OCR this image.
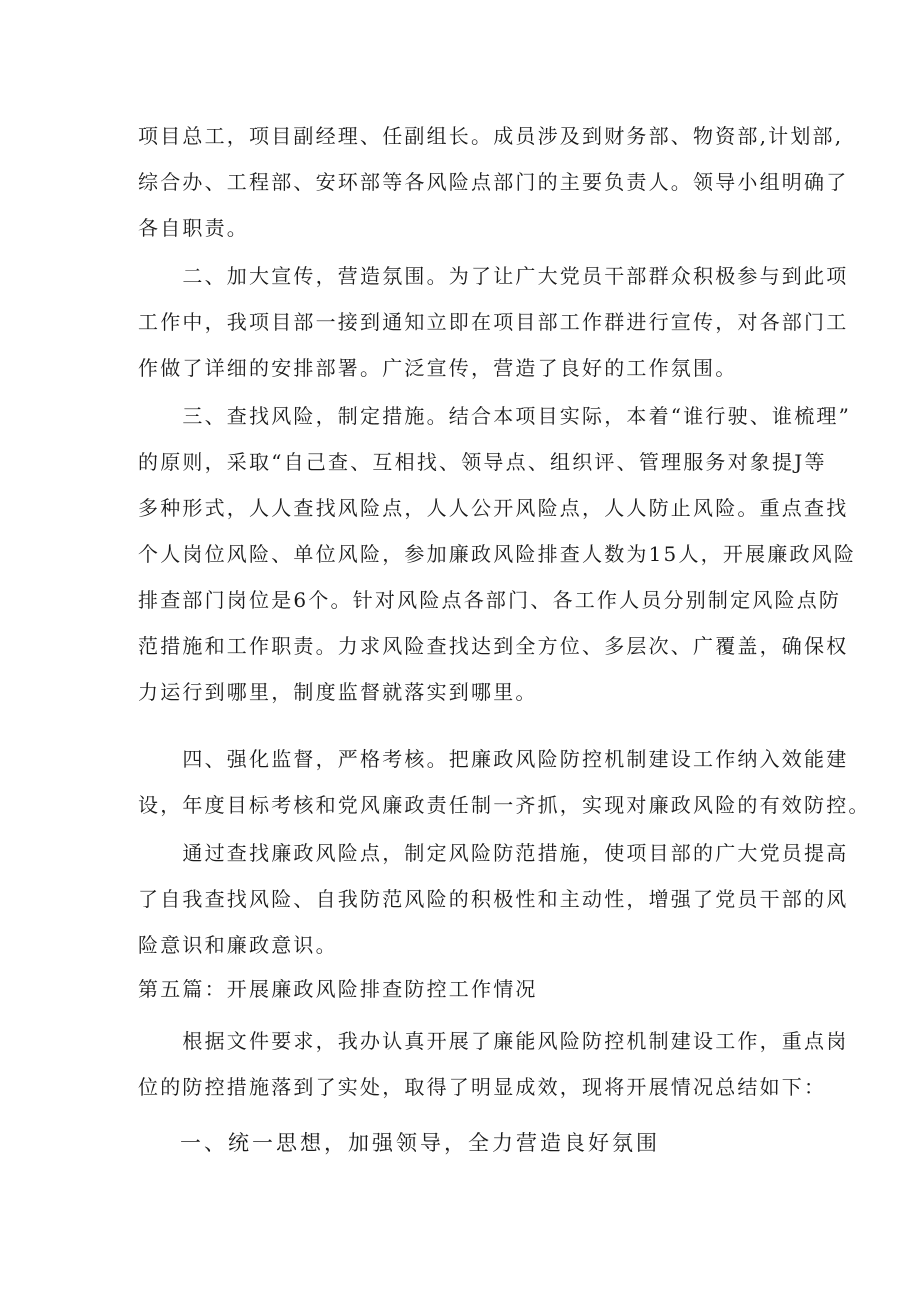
项目总工，项目副经理、任副组长。成员涉及到财务部、物资部,计划部,
综合办、工程部、安环部等各风险点部门的主要负责人。领导小组明确了
各自职责。

　　二、加大宣传，营造氛围。为了让广大党员干部群众积极参与到此项
工作中，我项目部一接到通知立即在项目部工作群进行宣传，对各部门工
作做了详细的安排部署。广泛宣传，营造了良好的工作氛围。

　　三、查找风险，制定措施。结合本项目实际，本着“谁行驶、谁梳理”
的原则，采取“自己查、互相找、领导点、组织评、管理服务对象提J等
多种形式，人人查找风险点，人人公开风险点，人人防止风险。重点查找
个人岗位风险、单位风险，参加廉政风险排查人数为15人，开展廉政风险
排查部门岗位是6个。针对风险点各部门、各工作人员分别制定风险点防
范措施和工作职责。力求风险查找达到全方位、多层次、广覆盖，确保权
力运行到哪里，制度监督就落实到哪里。

　　四、强化监督，严格考核。把廉政风险防控机制建设工作纳入效能建
设，年度目标考核和党风廉政责任制一齐抓，实现对廉政风险的有效防控。

　　通过查找廉政风险点，制定风险防范措施，使项目部的广大党员提高
了自我查找风险、自我防范风险的积极性和主动性，增强了党员干部的风
险意识和廉政意识。

第五篇：开展廉政风险排查防控工作情况

　　根据文件要求，我办认真开展了廉能风险防控机制建设工作，重点岗
位的防控措施落到了实处，取得了明显成效，现将开展情况总结如下：

一、统一思想，加强领导，全力营造良好氛围
